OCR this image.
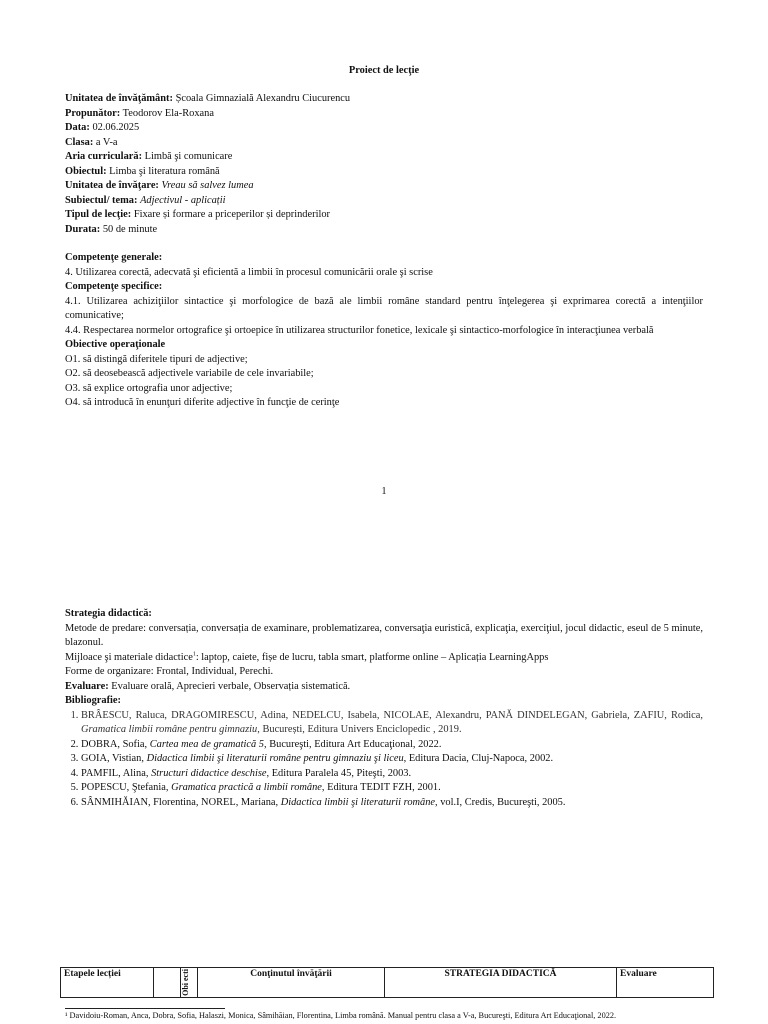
Proiect de lecţie
Unitatea de învăţământ: Școala Gimnazială Alexandru Ciucurencu
Propunător: Teodorov Ela-Roxana
Data: 02.06.2025
Clasa: a V-a
Aria curriculară: Limbă şi comunicare
Obiectul: Limba şi literatura română
Unitatea de învăţare: Vreau să salvez lumea
Subiectul/ tema: Adjectivul - aplicații
Tipul de lecţie: Fixare și formare a priceperilor și deprinderilor
Durata: 50 de minute
Competenţe generale:
4. Utilizarea corectă, adecvată şi eficientă a limbii în procesul comunicării orale şi scrise
Competenţe specifice:
4.1. Utilizarea achiziţiilor sintactice şi morfologice de bază ale limbii române standard pentru înţelegerea şi exprimarea corectă a intenţiilor comunicative;
4.4. Respectarea normelor ortografice şi ortoepice în utilizarea structurilor fonetice, lexicale şi sintactico-morfologice în interacţiunea verbală
Obiective operaţionale
O1. să distingă diferitele tipuri de adjective;
O2. să deosebească adjectivele variabile de cele invariabile;
O3. să explice ortografia unor adjective;
O4. să introducă în enunţuri diferite adjective în funcţie de cerinţe
1
Strategia didactică:
Metode de predare: conversația, conversația de examinare, problematizarea, conversaţia euristică, explicaţia, exerciţiul, jocul didactic, eseul de 5 minute, blazonul.
Mijloace şi materiale didactice$^1$: laptop, caiete, fișe de lucru, tabla smart, platforme online – Aplicația LearningApps
Forme de organizare: Frontal, Individual, Perechi.
Evaluare: Evaluare orală, Aprecieri verbale, Observația sistematică.
Bibliografie:
1. BRÂESCU, Raluca, DRAGOMIRESCU, Adina, NEDELCU, Isabela, NICOLAE, Alexandru, PANĂ DINDELEGAN, Gabriela, ZAFIU, Rodica, Gramatica limbii române pentru gimnaziu, București, Editura Univers Enciclopedic , 2019.
2. DOBRA, Sofia, Cartea mea de gramatică 5, Bucureşti, Editura Art Educaţional, 2022.
3. GOIA, Vistian, Didactica limbii şi literaturii române pentru gimnaziu şi liceu, Editura Dacia, Cluj-Napoca, 2002.
4. PAMFIL, Alina, Structuri didactice deschise, Editura Paralela 45, Piteşti, 2003.
5. POPESCU, Ştefania, Gramatica practică a limbii române, Editura TEDIT FZH, 2001.
6. SÂNMIHĂIAN, Florentina, NOREL, Mariana, Didactica limbii şi literaturii române, vol.I, Credis, Bucureşti, 2005.
Etapele lecției		Obi ecti	Conţinutul învăţării	STRATEGIA DIDACTICĂ	Evaluare
¹ Davidoiu-Roman, Anca, Dobra, Sofia, Halaszi, Monica, Sâmihăian, Florentina, Limba română. Manual pentru clasa a V-a, Bucureşti, Editura Art Educaţional, 2022.
